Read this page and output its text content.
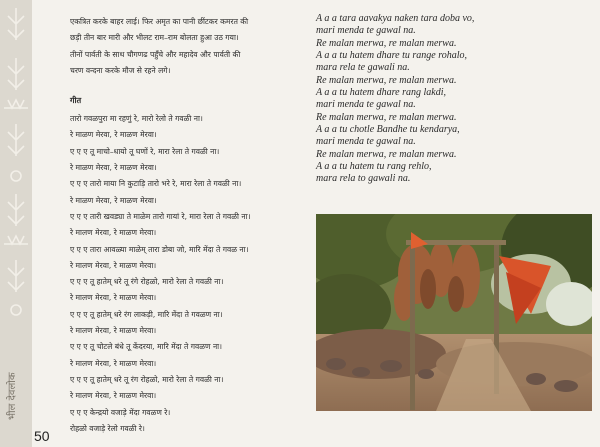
भील देवलोक
50

एकत्रित करके बाहर लाई। फिर अमृत का पानी छींटकर कमरत की

छड़ी तीन बार मारी और भीलट राम–राम बोलता हुआ उठ गया।

तीनों पार्वती के साथ चौगणढ पहुँचे और महादेव और पार्वती की

चरण वन्दना करके मौज से रहने लगे।

गीत
तारो गवळपुरा मा रहणुं रे, मारो रेलो ते गवळी ना।
रे माळण मेरवा, रे माळण मेरवा।
ए ए ए तू माचो–धायो तू घणों रे, मारा रेला ते गवळी ना।
रे माळण मेरवा, रे माळण मेरवा।
ए ए ए तारो माया नि कुटाड़ि तारो भरे रे, मारा रेला ते गवळी ना।
रे माळण मेरवा, रे माळण मेरवा।
ए ए ए तारी खवड्या ते माळेम तारो गायां रे, मारा रेला ते गवळी ना।
रे मालण मेरवा, रे माळण मेरवा।
ए ए ए तारा आवळ्या माळेम् तारा डोबा जो, मारि मेंदा ते गवळ ना।
रे मालण मेरवा, रे माळण मेरवा।
ए ए ए तू हातेम् धरे तू रंगे रोहळो, मारो रेला ते गवळी ना।
रे मालण मेरवा, रे माळण मेरवा।
ए ए ए तू हातेम् धरे रंग लाकड़ी, मारि मेंदा ते गवळण ना।
रे मालण मेरवा, रे माळण मेरवा।
ए ए ए तू चोटले बंधे तू केंदरया, मारि मेंदा ते गवळण ना।
रे मालण मेरवा, रे माळण मेरवा।
ए ए ए तू हातेम् धरे तू रंग रोहळो, मारो रेला ते गवळी ना।
रे मालण मेरवा, रे माळण मेरवा।
ए ए ए केन्द्रयो वजाड़े मेंदा गवळण रे।
रोहळो वजाड़े रेलो गवळी रे।
A a a tara aavakya naken tara doba vo,
mari menda te gawal na.
Re malan merwa, re malan merwa.
A a a tu hatem dhare tu range rohalo,
mara rela te gawali na.
Re malan merwa, re malan merwa.
A a a tu hatem dhare rang lakdi,
mari menda te gawal na.
Re malan merwa, re malan merwa.
A a a tu chotle Bandhe tu kendarya,
mari menda te gawal na.
Re malan merwa, re malan merwa.
A a a tu hatem tu rang rehlo,
mara rela to gawali na.
